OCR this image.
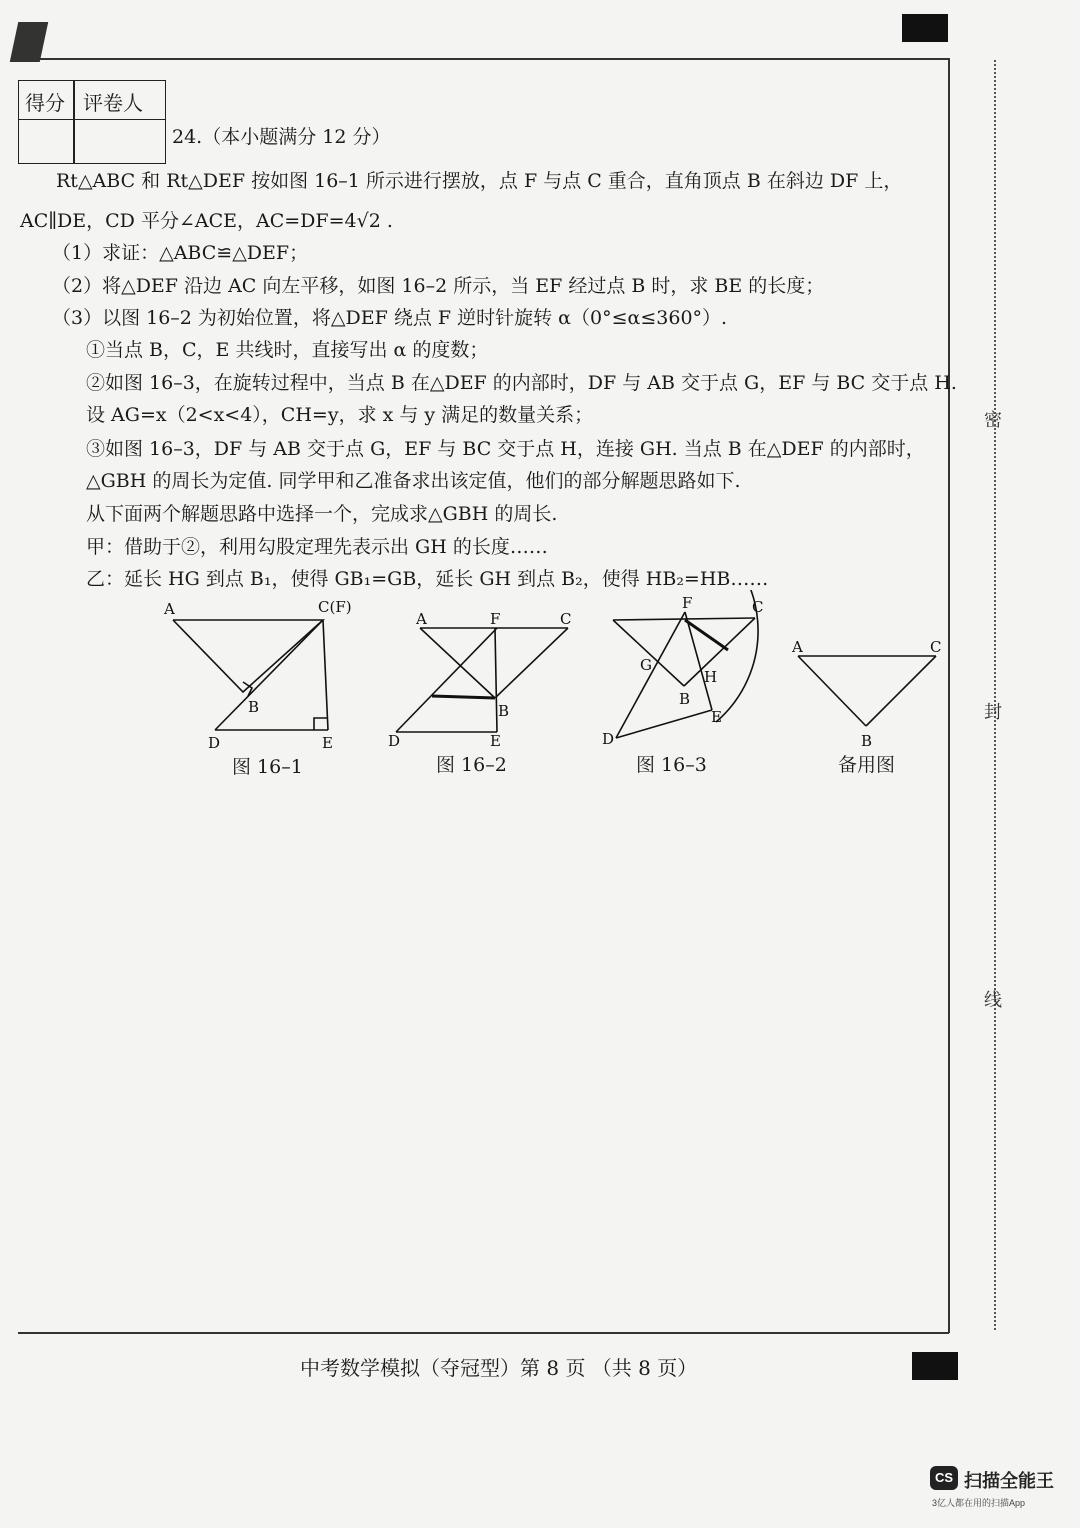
密
封
线
得分 评卷人
24.（本小题满分 12 分）
Rt△ABC 和 Rt△DEF 按如图 16–1 所示进行摆放，点 F 与点 C 重合，直角顶点 B 在斜边 DF 上，
AC∥DE，CD 平分∠ACE，AC=DF=4√2 .
（1）求证：△ABC≌△DEF；
（2）将△DEF 沿边 AC 向左平移，如图 16–2 所示，当 EF 经过点 B 时，求 BE 的长度；
（3）以图 16–2 为初始位置，将△DEF 绕点 F 逆时针旋转 α（0°≤α≤360°）.
①当点 B，C，E 共线时，直接写出 α 的度数；
②如图 16–3，在旋转过程中，当点 B 在△DEF 的内部时，DF 与 AB 交于点 G，EF 与 BC 交于点 H.
设 AG=x（2<x<4），CH=y，求 x 与 y 满足的数量关系；
③如图 16–3，DF 与 AB 交于点 G，EF 与 BC 交于点 H，连接 GH. 当点 B 在△DEF 的内部时，
△GBH 的周长为定值. 同学甲和乙准备求出该定值，他们的部分解题思路如下.
从下面两个解题思路中选择一个，完成求△GBH 的周长.
甲：借助于②，利用勾股定理先表示出 GH 的长度……
乙：延长 HG 到点 B₁，使得 GB₁=GB，延长 GH 到点 B₂，使得 HB₂=HB……
A	C(F)
B
D	E
A	F	C
B
D	E
F	C
G
H
B
E
D
A	C
B
图 16–1	图 16–2	图 16–3	备用图
中考数学模拟（夺冠型）第 8 页 （共 8 页）
CS 扫描全能王
3亿人都在用的扫描App
